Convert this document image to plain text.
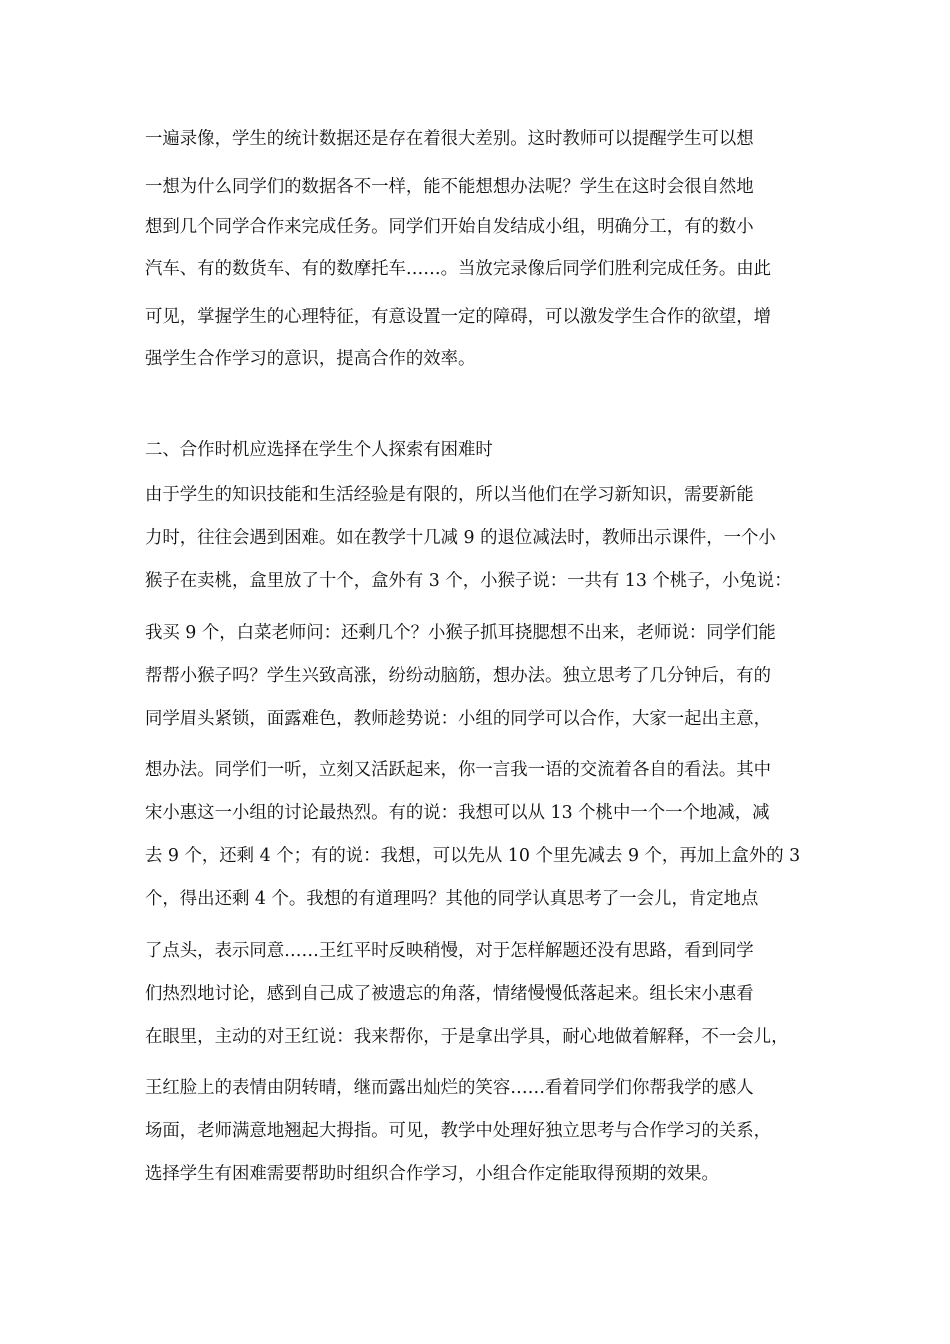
一遍录像，学生的统计数据还是存在着很大差别。这时教师可以提醒学生可以想
一想为什么同学们的数据各不一样，能不能想想办法呢？学生在这时会很自然地
想到几个同学合作来完成任务。同学们开始自发结成小组，明确分工，有的数小
汽车、有的数货车、有的数摩托车……。当放完录像后同学们胜利完成任务。由此
可见，掌握学生的心理特征，有意设置一定的障碍，可以激发学生合作的欲望，增
强学生合作学习的意识，提高合作的效率。
二、合作时机应选择在学生个人探索有困难时
由于学生的知识技能和生活经验是有限的，所以当他们在学习新知识，需要新能
力时，往往会遇到困难。如在教学十几减 9 的退位减法时，教师出示课件，一个小
猴子在卖桃，盒里放了十个，盒外有 3 个，小猴子说：一共有 13 个桃子，小兔说：
我买 9 个，白菜老师问：还剩几个？小猴子抓耳挠腮想不出来，老师说：同学们能
帮帮小猴子吗？学生兴致高涨，纷纷动脑筋，想办法。独立思考了几分钟后，有的
同学眉头紧锁，面露难色，教师趁势说：小组的同学可以合作，大家一起出主意，
想办法。同学们一听，立刻又活跃起来，你一言我一语的交流着各自的看法。其中
宋小惠这一小组的讨论最热烈。有的说：我想可以从 13 个桃中一个一个地减，减
去 9 个，还剩 4 个；有的说：我想，可以先从 10 个里先减去 9 个，再加上盒外的 3
个，得出还剩 4 个。我想的有道理吗？其他的同学认真思考了一会儿，肯定地点
了点头，表示同意……王红平时反映稍慢，对于怎样解题还没有思路，看到同学
们热烈地讨论，感到自己成了被遗忘的角落，情绪慢慢低落起来。组长宋小惠看
在眼里，主动的对王红说：我来帮你，于是拿出学具，耐心地做着解释，不一会儿，
王红脸上的表情由阴转晴，继而露出灿烂的笑容……看着同学们你帮我学的感人
场面，老师满意地翘起大拇指。可见，教学中处理好独立思考与合作学习的关系，
选择学生有困难需要帮助时组织合作学习，小组合作定能取得预期的效果。
